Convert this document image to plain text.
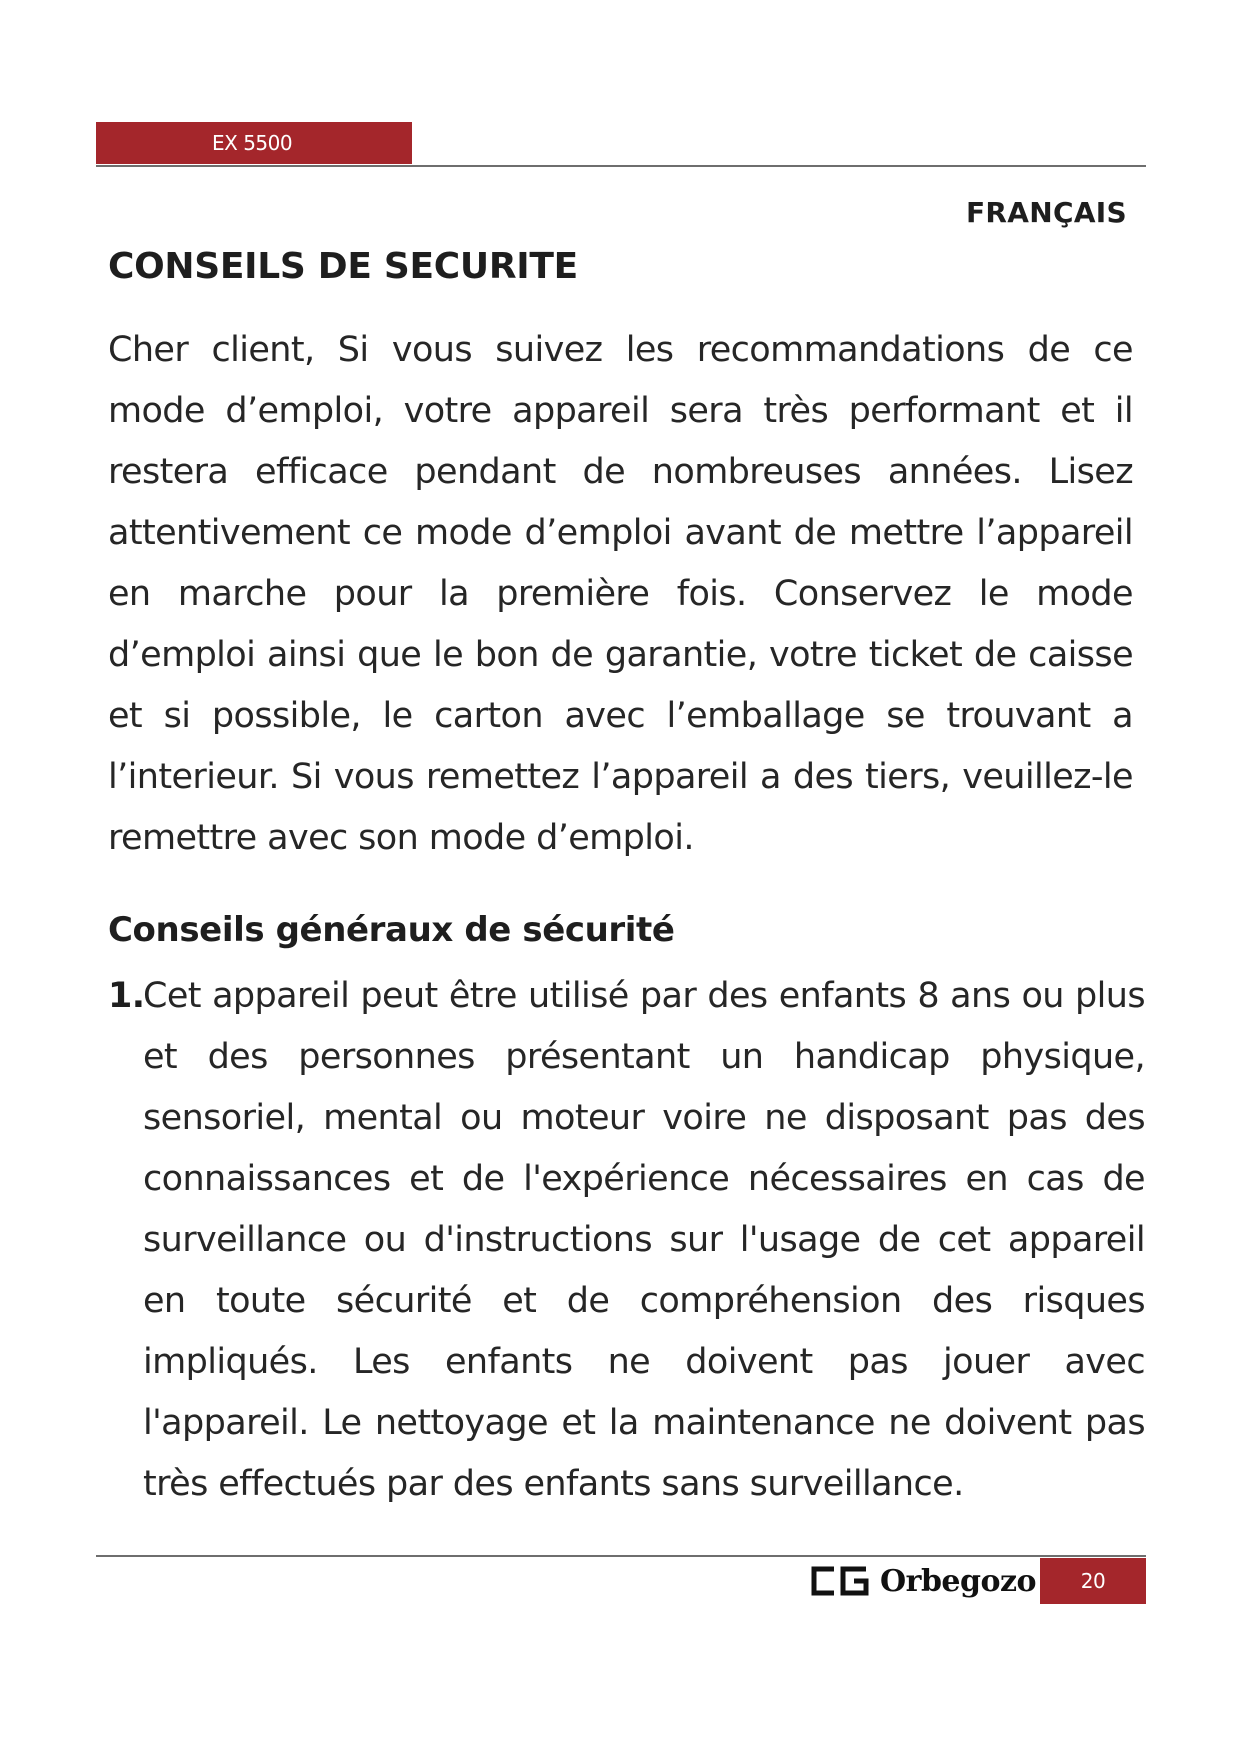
EX 5500
FRANÇAIS
CONSEILS DE SECURITE

Cher client, Si vous suivez les recommandations de ce mode d’emploi, votre appareil sera très performant et il restera efficace pendant de nombreuses années. Lisez attentivement ce mode d’emploi avant de mettre l’appareil en marche pour la première fois. Conservez le mode d’emploi ainsi que le bon de garantie, votre ticket de caisse et si possible, le carton avec l’emballage se trouvant a l’interieur. Si vous remettez l’appareil a des tiers, veuillez-le remettre avec son mode d’emploi.

Conseils généraux de sécurité
1.
Cet appareil peut être utilisé par des enfants 8 ans ou plus et des personnes présentant un handicap physique, sensoriel, mental ou moteur voire ne disposant pas des connaissances et de l'expérience nécessaires en cas de surveillance ou d'instructions sur l'usage de cet appareil en toute sécurité et de compréhension des risques impliqués. Les enfants ne doivent pas jouer avec l'appareil. Le nettoyage et la maintenance ne doivent pas très effectués par des enfants sans surveillance.
Orbegozo	20
